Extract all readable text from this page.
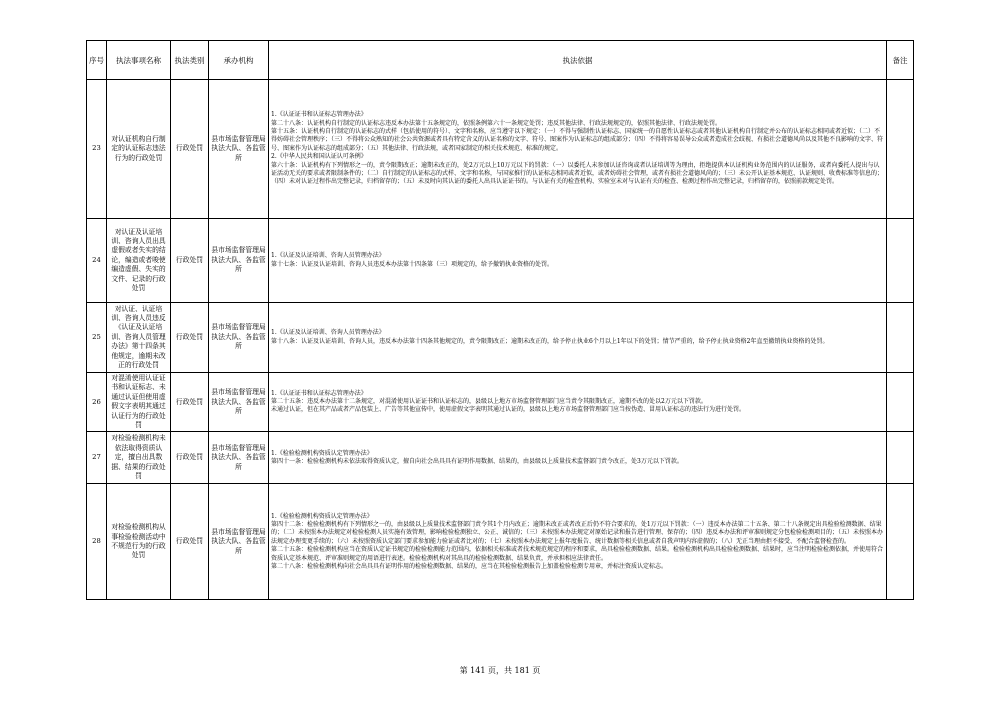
序号	执法事项名称	执法类别	承办机构	执法依据	备注
23	对认证机构自行制定的认证标志违法行为的行政处罚	行政处罚	县市场监督管理局执法大队、各监管所	1.《认证证书和认证标志管理办法》
第二十八条：认证机构自行制定的认证标志违反本办法第十五条规定的，依照条例第六十一条规定处罚；违反其他法律、行政法规规定的，依照其他法律、行政法规处罚。
第十五条：认证机构自行制定的认证标志的式样（包括使用的符号）、文字和名称，应当遵守以下规定：（一）不得与强制性认证标志、国家统一的自愿性认证标志或者其他认证机构自行制定并公布的认证标志相同或者近似；（二）不得妨碍社会管理秩序；（三）不得将公众熟知的社会公共资源或者具有特定含义的认证名称的文字、符号、图案作为认证标志的组成部分；（四）不得将容易误导公众或者造成社会歧视、有损社会道德风尚以及其他不良影响的文字、符号、图案作为认证标志的组成部分；（五）其他法律、行政法规，或者国家制定的相关技术规范、标准的规定。
2.《中华人民共和国认证认可条例》
第六十条：认证机构有下列情形之一的，责令限期改正；逾期未改正的，处2万元以上10万元以下的罚款：（一）以委托人未参加认证咨询或者认证培训等为理由，拒绝提供本认证机构业务范围内的认证服务，或者向委托人提出与认证活动无关的要求或者限制条件的；（二）自行制定的认证标志的式样、文字和名称，与国家推行的认证标志相同或者近似，或者妨碍社会管理，或者有损社会道德风尚的；（三）未公开认证基本规范、认证规则、收费标准等信息的；（四）未对认证过程作出完整记录，归档留存的；（五）未及时向其认证的委托人出具认证证书的。与认证有关的检查机构、实验室未对与认证有关的检查、检测过程作出完整记录，归档留存的，依照前款规定处罚。	

24	对认证及认证培训、咨询人员出具虚假或者失实的结论，编造或者唆使编造虚假、失实的文件、记录的行政处罚	行政处罚	县市场监督管理局执法大队、各监管所	1.《认证及认证培训、咨询人员管理办法》
第十七条：认证及认证培训、咨询人员违反本办法第十四条第（三）项规定的，给予撤销执业资格的处罚。	

25	对认证、认证培训、咨询人员违反《认证及认证培训、咨询人员管理办法》第十四条其他规定，逾期未改正的行政处罚	行政处罚	县市场监督管理局执法大队、各监管所	1.《认证及认证培训、咨询人员管理办法》
第十八条：认证及认证培训、咨询人员，违反本办法第十四条其他规定的，责令限期改正；逾期未改正的，给予停止执业6个月以上1年以下的处罚；情节严重的，给予停止执业资格2年直至撤销执业资格的处罚。	

26	对混淆使用认证证书和认证标志、未通过认证但使用虚假文字表明其通过认证行为的行政处罚	行政处罚	县市场监督管理局执法大队、各监管所	1.《认证证书和认证标志管理办法》
第二十五条：违反本办法第十二条规定，对混淆使用认证证书和认证标志的，县级以上地方市场监督管理部门应当责令其限期改正，逾期不改的处以2万元以下罚款。
未通过认证，但在其产品或者产品包装上、广告等其他宣传中，使用虚假文字表明其通过认证的，县级以上地方市场监督管理部门应当按伪造、冒用认证标志的违法行为进行处罚。	

27	对检验检测机构未依法取得资质认定，擅自出具数据、结果的行政处罚	行政处罚	县市场监督管理局执法大队、各监管所	1.《检验检测机构资质认定管理办法》
第四十一条：检验检测机构未依法取得资质认定，擅自向社会出具具有证明作用数据、结果的，由县级以上质量技术监督部门责令改正，处3万元以下罚款。	

28	对检验检测机构从事检验检测活动中不规范行为的行政处罚	行政处罚	县市场监督管理局执法大队、各监管所	1.《检验检测机构资质认定管理办法》
第四十二条：检验检测机构有下列情形之一的，由县级以上质量技术监督部门责令其1个月内改正；逾期未改正或者改正后仍不符合要求的，处1万元以下罚款：（一）违反本办法第二十五条、第二十八条规定出具检验检测数据、结果的；（二）未按照本办法规定对检验检测人员实施有效管理，影响检验检测独立、公正、诚信的；（三）未按照本办法规定对原始记录和报告进行管理、保存的；（四）违反本办法和评审准则规定分包检验检测项目的；（五）未按照本办法规定办理变更手续的；（六）未按照资质认定部门要求参加能力验证或者比对的；（七）未按照本办法规定上报年度报告、统计数据等相关信息或者自我声明内容虚假的；（八）无正当理由拒不接受、不配合监督检查的。
第二十五条：检验检测机构应当在资质认定证书规定的检验检测能力范围内，依据相关标准或者技术规范规定的程序和要求，出具检验检测数据、结果。检验检测机构出具检验检测数据、结果时，应当注明检验检测依据，并使用符合资质认定基本规范、评审准则规定的用语进行表述。检验检测机构对其出具的检验检测数据、结果负责，并承担相应法律责任。
第二十八条：检验检测机构向社会出具具有证明作用的检验检测数据、结果的，应当在其检验检测报告上加盖检验检测专用章，并标注资质认定标志。	

第 141 页，共 181 页
